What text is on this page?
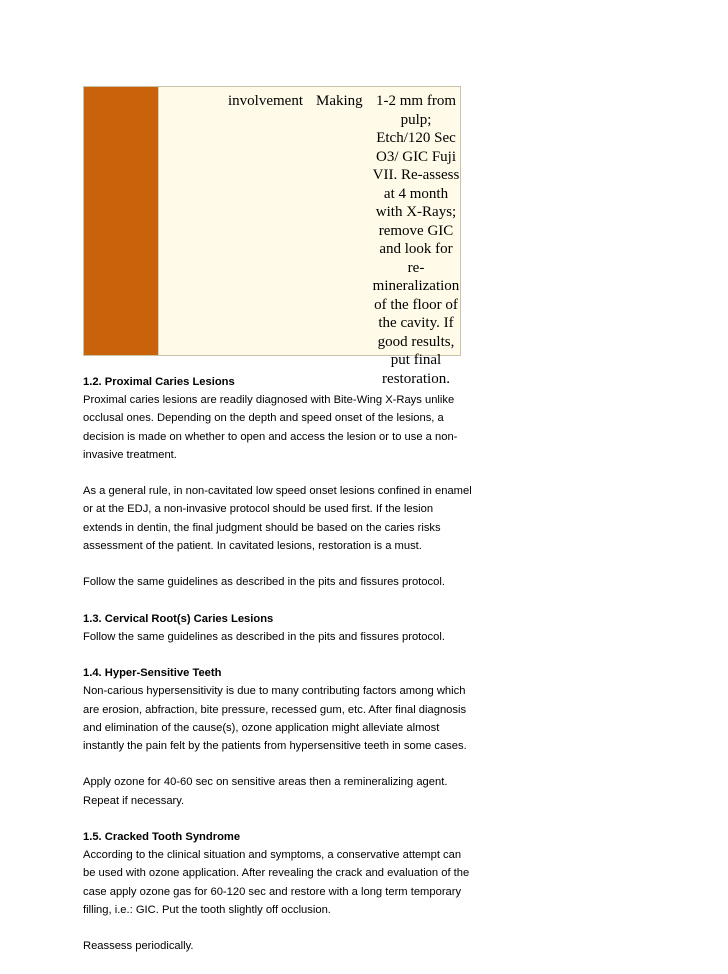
involvement Making 1-2 mm from pulp; Etch/120 Sec O3/ GIC Fuji VII. Re-assess at 4 month with X-Rays; remove GIC and look for re-mineralization of the floor of the cavity. If good results, put final restoration.
1.2. Proximal Caries Lesions

Proximal caries lesions are readily diagnosed with Bite-Wing X-Rays unlike occlusal ones. Depending on the depth and speed onset of the lesions, a decision is made on whether to open and access the lesion or to use a non-invasive treatment.

As a general rule, in non-cavitated low speed onset lesions confined in enamel or at the EDJ, a non-invasive protocol should be used first. If the lesion extends in dentin, the final judgment should be based on the caries risks assessment of the patient. In cavitated lesions, restoration is a must.

Follow the same guidelines as described in the pits and fissures protocol.

1.3. Cervical Root(s) Caries Lesions

Follow the same guidelines as described in the pits and fissures protocol.

1.4. Hyper-Sensitive Teeth

Non-carious hypersensitivity is due to many contributing factors among which are erosion, abfraction, bite pressure, recessed gum, etc. After final diagnosis and elimination of the cause(s), ozone application might alleviate almost instantly the pain felt by the patients from hypersensitive teeth in some cases.

Apply ozone for 40-60 sec on sensitive areas then a remineralizing agent. Repeat if necessary.

1.5. Cracked Tooth Syndrome

According to the clinical situation and symptoms, a conservative attempt can be used with ozone application. After revealing the crack and evaluation of the case apply ozone gas for 60-120 sec and restore with a long term temporary filling, i.e.: GIC. Put the tooth slightly off occlusion.

Reassess periodically.
